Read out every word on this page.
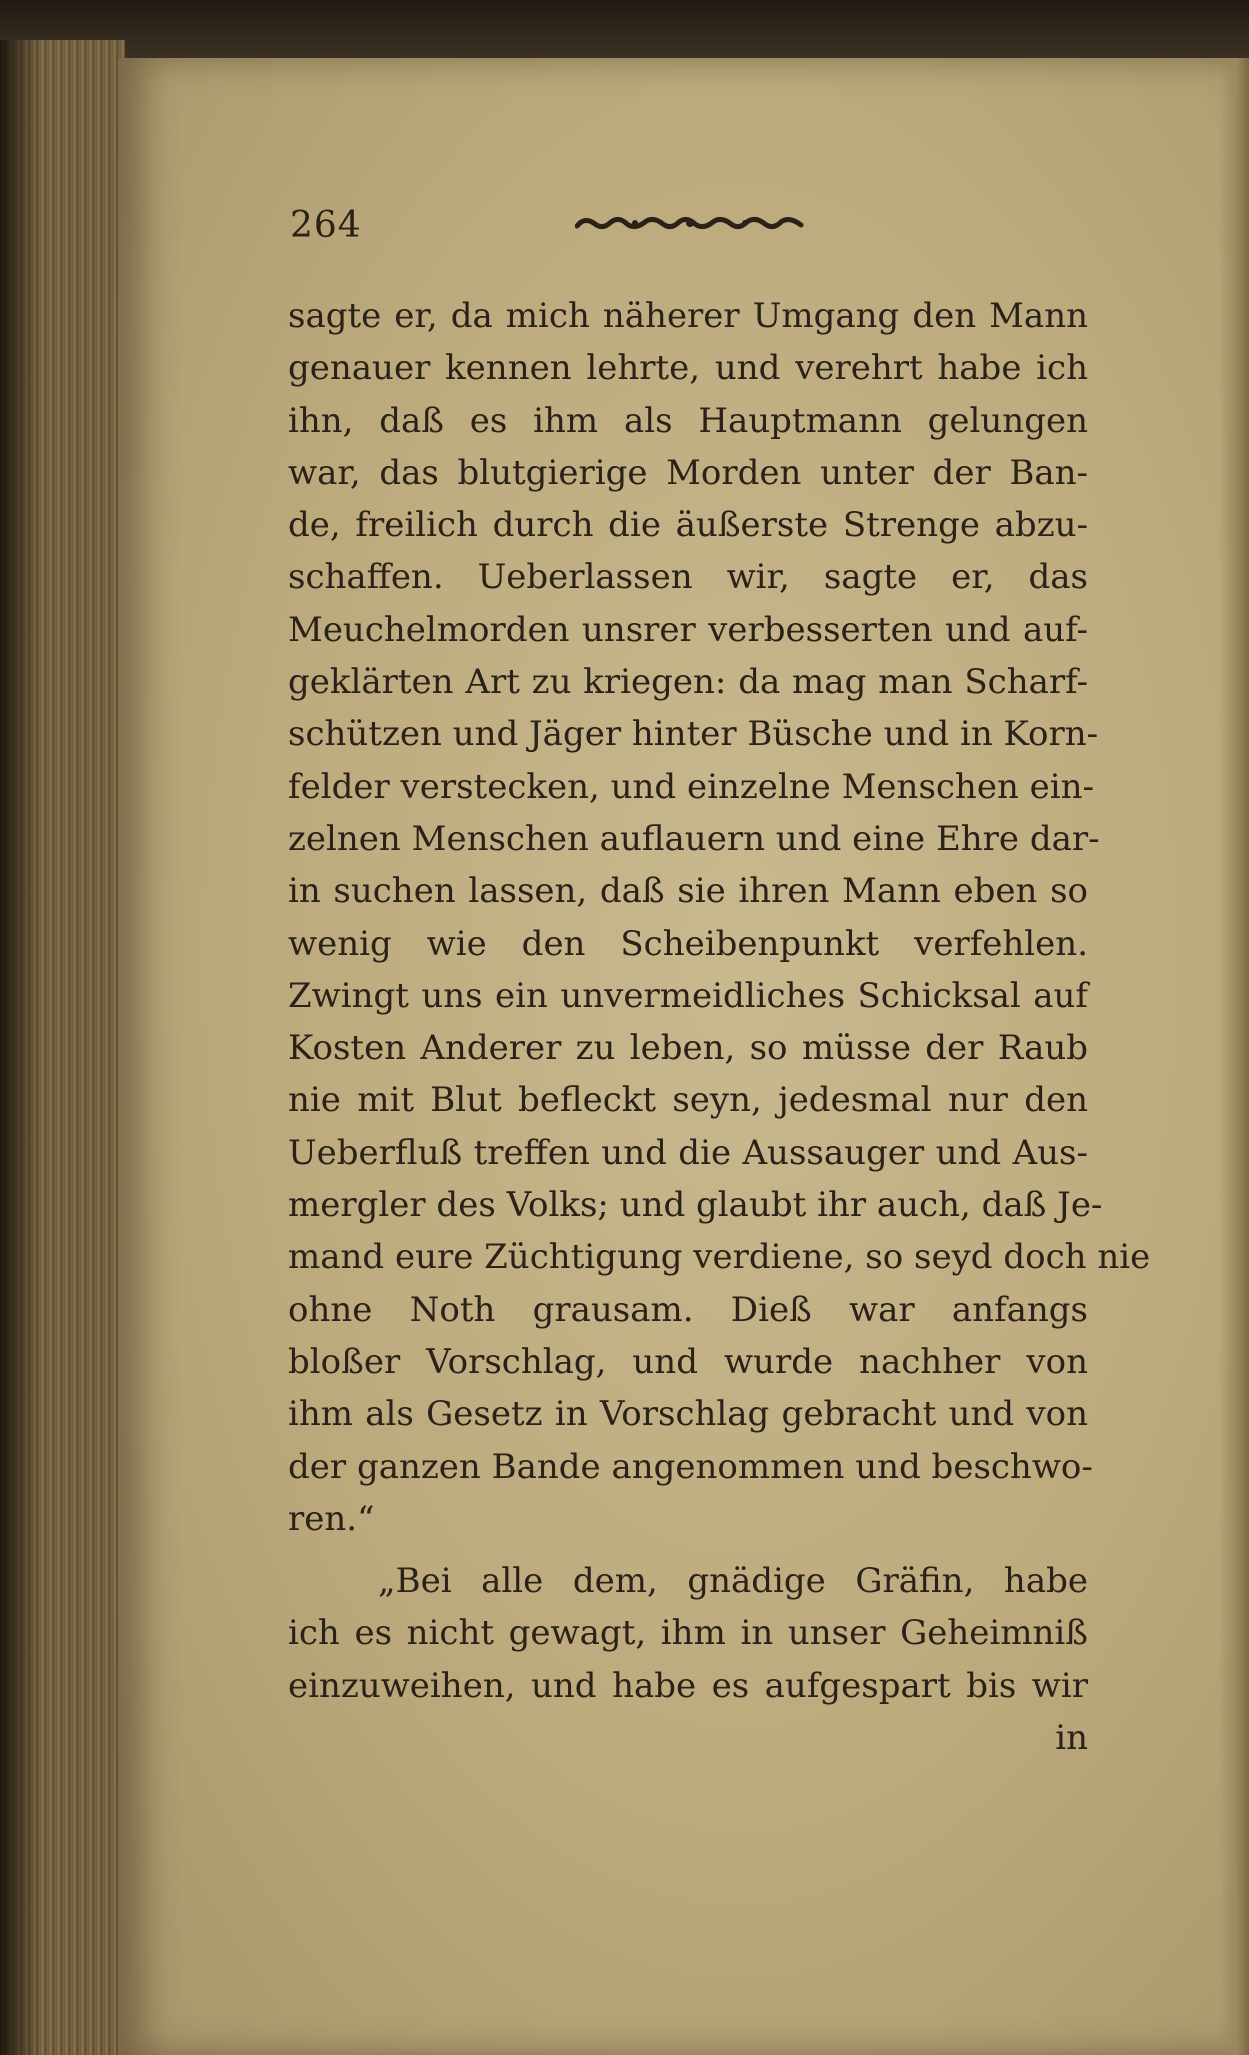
264
sagte er, da mich näherer Umgang den Mann
genauer kennen lehrte, und verehrt habe ich
ihn, daß es ihm als Hauptmann gelungen
war, das blutgierige Morden unter der Ban-
de, freilich durch die äußerste Strenge abzu-
schaffen. Ueberlassen wir, sagte er, das
Meuchelmorden unsrer verbesserten und auf-
geklärten Art zu kriegen: da mag man Scharf-
schützen und Jäger hinter Büsche und in Korn-
felder verstecken, und einzelne Menschen ein-
zelnen Menschen auflauern und eine Ehre dar-
in suchen lassen, daß sie ihren Mann eben so
wenig wie den Scheibenpunkt verfehlen.
Zwingt uns ein unvermeidliches Schicksal auf
Kosten Anderer zu leben, so müsse der Raub
nie mit Blut befleckt seyn, jedesmal nur den
Ueberfluß treffen und die Aussauger und Aus-
mergler des Volks; und glaubt ihr auch, daß Je-
mand eure Züchtigung verdiene, so seyd doch nie
ohne Noth grausam. Dieß war anfangs
bloßer Vorschlag, und wurde nachher von
ihm als Gesetz in Vorschlag gebracht und von
der ganzen Bande angenommen und beschwo-
ren.“
„Bei alle dem, gnädige Gräfin, habe
ich es nicht gewagt, ihm in unser Geheimniß
einzuweihen, und habe es aufgespart bis wir
in
